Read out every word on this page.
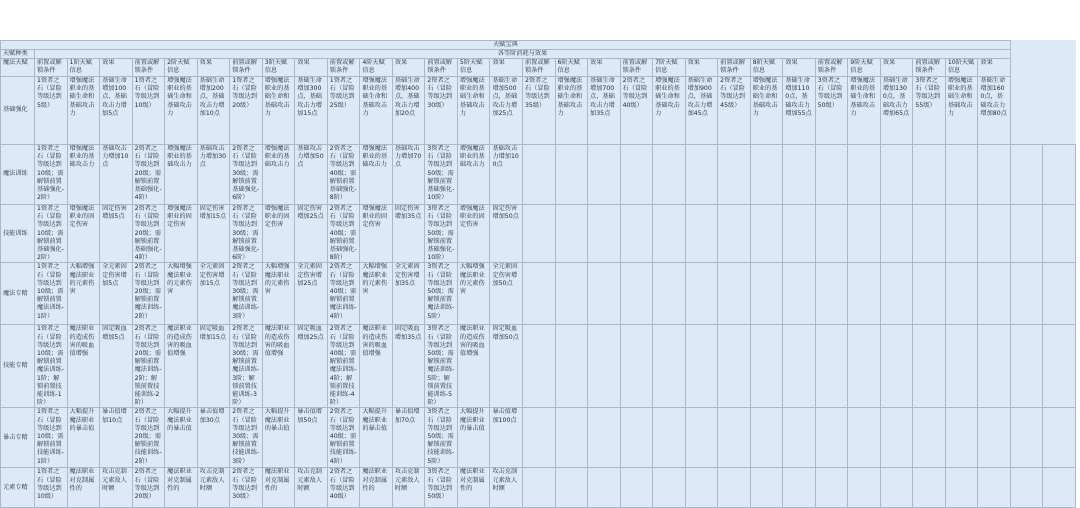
天赋宝典																																
天赋种类	各等阶消耗与效果																															
魔法天赋	前置或解锁条件	1阶天赋信息	效果	前置或解锁条件	2阶天赋信息	效果	前置或解锁条件	3阶天赋信息	效果	前置或解锁条件	4阶天赋信息	效果	前置或解锁条件	5阶天赋信息	效果	前置或解锁条件	6阶天赋信息	效果	前置或解锁条件	7阶天赋信息	效果	前置或解锁条件	8阶天赋信息	效果	前置或解锁条件	9阶天赋信息	效果	前置或解锁条件	10阶天赋信息	效果		
基础强化	1资者之石（冒险等级达到5级）	增强魔法职业的基础生命和基础攻击力	基础生命增加100点，基础攻击力增加5点	1资者之石（冒险等级达到10级）	增强魔法职业的基础生命和基础攻击力	基础生命增加200点，基础攻击力增加10点	1资者之石（冒险等级达到20级）	增强魔法职业的基础生命和基础攻击力	基础生命增加300点，基础攻击力增加15点	1资者之石（冒险等级达到25级）	增强魔法职业的基础生命和基础攻击力	基础生命增加400点，基础攻击力增加20点	2资者之石（冒险等级达到30级）	增强魔法职业的基础生命和基础攻击力	基础生命增加500点，基础攻击力增加25点	2资者之石（冒险等级达到35级）	增强魔法职业的基础生命和基础攻击力	基础生命增加700点，基础攻击力增加35点	2资者之石（冒险等级达到40级）	增强魔法职业的基础生命和基础攻击力	基础生命增加900点，基础攻击力增加45点	2资者之石（冒险等级达到45级）	增强魔法职业的基础生命和基础攻击力	基础生命增加1100点，基础攻击力增加55点	3资者之石（冒险等级达到50级）	增强魔法职业的基础生命和基础攻击力	基础生命增加1300点，基础攻击力增加65点	3资者之石（冒险等级达到55级）	增强魔法职业的基础生命和基础攻击力	基础生命增加1600点，基础攻击力增加80点		
魔法训练	1资者之石（冒险等级达到10级；需解锁前置基础强化-2阶）	增强魔法职业的基础攻击力	基础攻击力增加10点	2资者之石（冒险等级达到20级；需解锁前置基础强化-4阶）	增强魔法职业的基础攻击力	基础攻击力增加30点	2资者之石（冒险等级达到30级；需解锁前置基础强化-6阶）	增强魔法职业的基础攻击力	基础攻击力增加50点	2资者之石（冒险等级达到40级；需解锁前置基础强化-8阶）	增强魔法职业的基础攻击力	基础攻击力增加70点	3资者之石（冒险等级达到50级；需解锁前置基础强化-10阶）	增强魔法职业的基础攻击力	基础攻击力增加100点																	
技能训练	1资者之石（冒险等级达到10级；需解锁前置基础强化-2阶）	增强魔法职业的固定伤害	固定伤害增加5点	2资者之石（冒险等级达到20级；需解锁前置基础强化-4阶）	增强魔法职业的固定伤害	固定伤害增加15点	2资者之石（冒险等级达到30级；需解锁前置基础强化-6阶）	增强魔法职业的固定伤害	固定伤害增加25点	2资者之石（冒险等级达到40级；需解锁前置基础强化-8阶）	增强魔法职业的固定伤害	固定伤害增加35点	3资者之石（冒险等级达到50级；需解锁前置基础强化-10阶）	增强魔法职业的固定伤害	固定伤害增加50点																	
魔法专精	1资者之石（冒险等级达到10级；需解锁前置魔法训练-1阶）	大幅增强魔法职业的元素伤害	全元素固定伤害增加5点	2资者之石（冒险等级达到20级；需解锁前置魔法训练-2阶）	大幅增强魔法职业的元素伤害	全元素固定伤害增加15点	2资者之石（冒险等级达到30级；需解锁前置魔法训练-3阶）	大幅增强魔法职业的元素伤害	全元素固定伤害增加25点	2资者之石（冒险等级达到40级；需解锁前置魔法训练-4阶）	大幅增强魔法职业的元素伤害	全元素固定伤害增加35点	3资者之石（冒险等级达到50级；需解锁前置魔法训练-5阶）	大幅增强魔法职业的元素伤害	全元素固定伤害增加50点																	
技能专精	1资者之石（冒险等级达到10级；需解锁前置魔法训练-1阶；解锁前置技能训练-1阶）	魔法职业的造成伤害的吸血值增强	固定吸血增加5点	2资者之石（冒险等级达到20级；需解锁前置魔法训练-2阶；解锁前置技能训练-2阶）	魔法职业的造成伤害的吸血值增强	固定吸血增加15点	2资者之石（冒险等级达到30级；需解锁前置魔法训练-3阶；解锁前置技能训练-3阶）	魔法职业的造成伤害的吸血值增强	固定吸血增加25点	2资者之石（冒险等级达到40级；需解锁前置魔法训练-4阶；解锁前置技能训练-4阶）	魔法职业的造成伤害的吸血值增强	固定吸血增加35点	3资者之石（冒险等级达到50级；需解锁前置魔法训练-5阶；解锁前置技能训练-5阶）	魔法职业的造成伤害的吸血值增强	固定吸血增加50点																	
暴击专精	1资者之石（冒险等级达到10级；需解锁前置技能训练-1阶）	大幅提升魔法职业的暴击值	暴击值增加10点	2资者之石（冒险等级达到20级；需解锁前置技能训练-2阶）	大幅提升魔法职业的暴击值	暴击值增加30点	2资者之石（冒险等级达到30级；需解锁前置技能训练-3阶）	大幅提升魔法职业的暴击值	暴击值增加50点	2资者之石（冒险等级达到40级；需解锁前置技能训练-4阶）	大幅提升魔法职业的暴击值	暴击值增加70点	3资者之石（冒险等级达到50级；需解锁前置技能训练-5阶）	大幅提升魔法职业的暴击值	暴击值增加100点																	
元素专精	1资者之石（冒险等级达到10级）	魔法职业对克制属性的	攻击克制元素敌人时额	2资者之石（冒险等级达到20级）	魔法职业对克制属性的	攻击克制元素敌人时额	2资者之石（冒险等级达到30级）	魔法职业对克制属性的	攻击克制元素敌人时额	2资者之石（冒险等级达到40级）	魔法职业对克制属性的	攻击克制元素敌人时额	3资者之石（冒险等级达到50级）	魔法职业对克制属性的	攻击克制元素敌人时额																	
